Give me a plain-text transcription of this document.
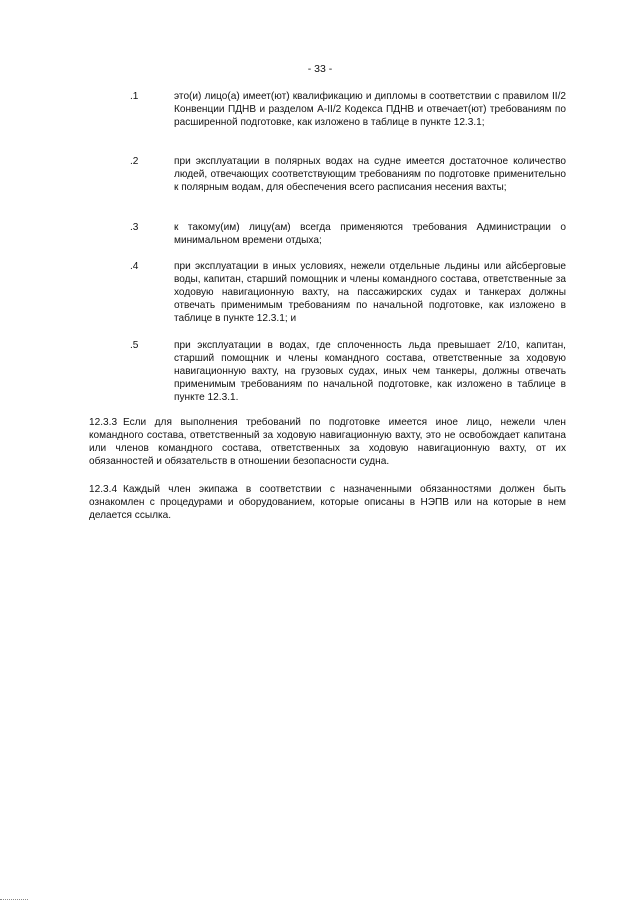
- 33 -
.1	это(и) лицо(а) имеет(ют) квалификацию и дипломы в соответствии с правилом II/2 Конвенции ПДНВ и разделом A-II/2 Кодекса ПДНВ и отвечает(ют) требованиям по расширенной подготовке, как изложено в таблице в пункте 12.3.1;
.2	при эксплуатации в полярных водах на судне имеется достаточное количество людей, отвечающих соответствующим требованиям по подготовке применительно к полярным водам, для обеспечения всего расписания несения вахты;
.3	к такому(им) лицу(ам) всегда применяются требования Администрации о минимальном времени отдыха;
.4	при эксплуатации в иных условиях, нежели отдельные льдины или айсберговые воды, капитан, старший помощник и члены командного состава, ответственные за ходовую навигационную вахту, на пассажирских судах и танкерах должны отвечать применимым требованиям по начальной подготовке, как изложено в таблице в пункте 12.3.1; и
.5	при эксплуатации в водах, где сплоченность льда превышает 2/10, капитан, старший помощник и члены командного состава, ответственные за ходовую навигационную вахту, на грузовых судах, иных чем танкеры, должны отвечать применимым требованиям по начальной подготовке, как изложено в таблице в пункте 12.3.1.
12.3.3 Если для выполнения требований по подготовке имеется иное лицо, нежели член командного состава, ответственный за ходовую навигационную вахту, это не освобождает капитана или членов командного состава, ответственных за ходовую навигационную вахту, от их обязанностей и обязательств в отношении безопасности судна.
12.3.4 Каждый член экипажа в соответствии с назначенными обязанностями должен быть ознакомлен с процедурами и оборудованием, которые описаны в НЭПВ или на которые в нем делается ссылка.
